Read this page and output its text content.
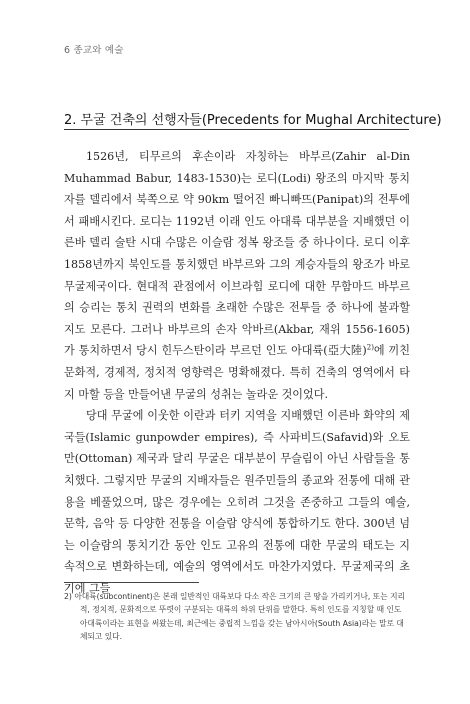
6 종교와 예술
2. 무굴 건축의 선행자들(Precedents for Mughal Architecture)

1526년, 티무르의 후손이라 자칭하는 바부르(Zahir al-Din Muhammad Babur, 1483-1530)는 로디(Lodi) 왕조의 마지막 통치자를 델리에서 북쪽으로 약 90km 떨어진 빠니빠뜨(Panipat)의 전투에서 패배시킨다. 로디는 1192년 이래 인도 아대륙 대부분을 지배했던 이른바 델리 술탄 시대 수많은 이슬람 정복 왕조들 중 하나이다. 로디 이후 1858년까지 북인도를 통치했던 바부르와 그의 계승자들의 왕조가 바로 무굴제국이다. 현대적 관점에서 이브라힘 로디에 대한 무함마드 바부르의 승리는 통치 권력의 변화를 초래한 수많은 전투들 중 하나에 불과할지도 모른다. 그러나 바부르의 손자 악바르(Akbar, 재위 1556-1605)가 통치하면서 당시 힌두스탄이라 부르던 인도 아대륙(亞大陸)$^{2)}$에 끼친 문화적, 경제적, 정치적 영향력은 명확해졌다. 특히 건축의 영역에서 타지 마할 등을 만들어낸 무굴의 성취는 놀라운 것이었다.

당대 무굴에 이웃한 이란과 터키 지역을 지배했던 이른바 화약의 제국들(Islamic gunpowder empires), 즉 사파비드(Safavid)와 오토만(Ottoman) 제국과 달리 무굴은 대부분이 무슬림이 아닌 사람들을 통치했다. 그렇지만 무굴의 지배자들은 원주민들의 종교와 전통에 대해 관용을 베풀었으며, 많은 경우에는 오히려 그것을 존중하고 그들의 예술, 문학, 음악 등 다양한 전통을 이슬람 양식에 통합하기도 한다. 300년 넘는 이슬람의 통치기간 동안 인도 고유의 전통에 대한 무굴의 태도는 지속적으로 변화하는데, 예술의 영역에서도 마찬가지였다. 무굴제국의 초기에 그들

2) 아대륙(subcontinent)은 본래 일반적인 대륙보다 다소 작은 크기의 큰 땅을 가리키거나, 또는 지리적, 정치적, 문화적으로 뚜렷이 구분되는 대륙의 하위 단위를 말한다. 특히 인도를 지칭할 때 인도 아대륙이라는 표현을 써왔는데, 최근에는 중립적 느낌을 갖는 남아시아(South Asia)라는 말로 대체되고 있다.
